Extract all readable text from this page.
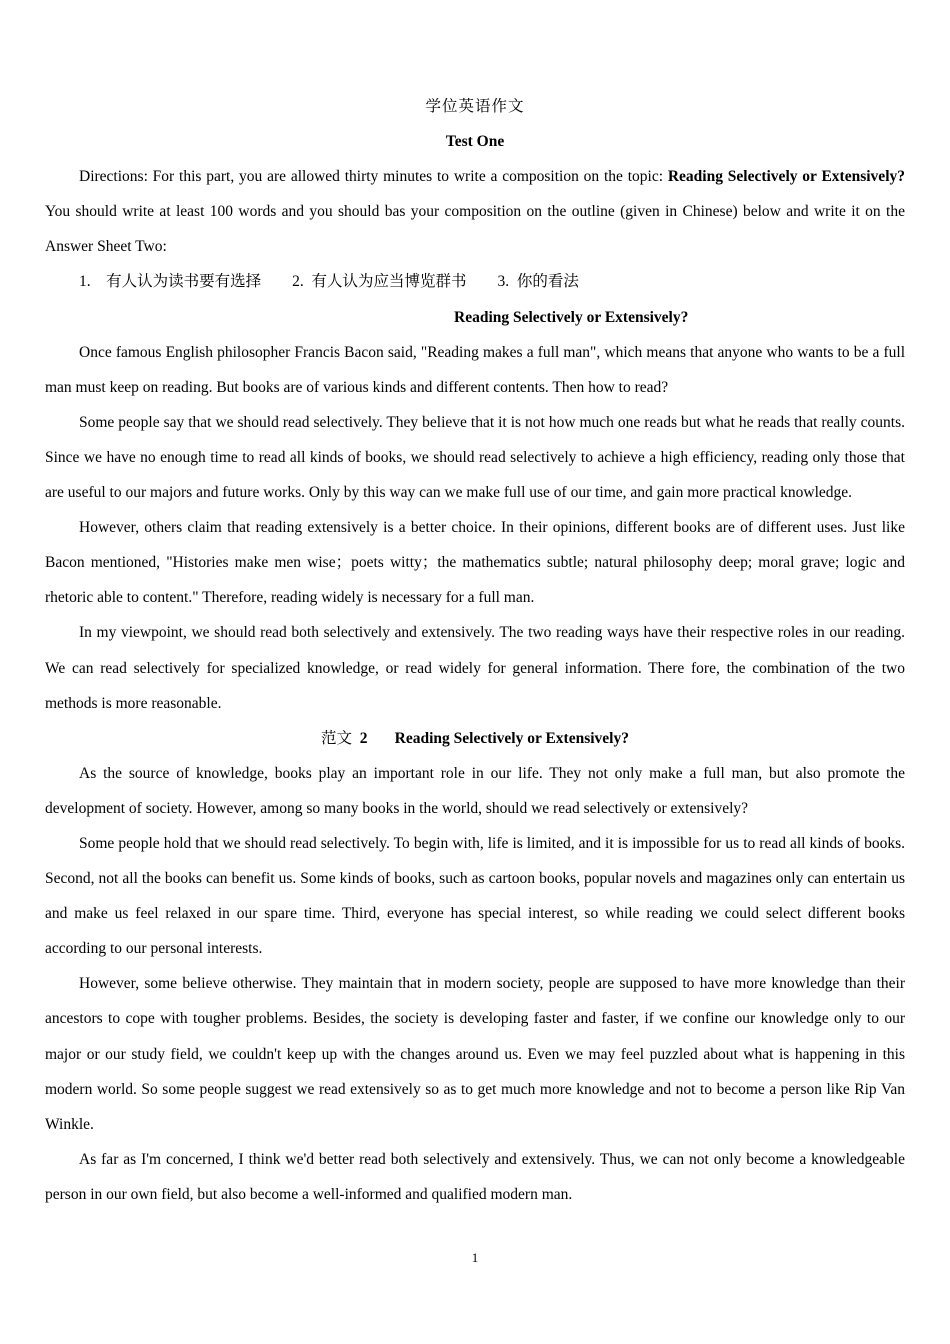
学位英语作文

Test One

Directions: For this part, you are allowed thirty minutes to write a composition on the topic: Reading Selectively or Extensively? You should write at least 100 words and you should bas your composition on the outline (given in Chinese) below and write it on the Answer Sheet Two:

1.    有人认为读书要有选择 2.  有人认为应当博览群书 3.  你的看法

Reading Selectively or Extensively?

Once famous English philosopher Francis Bacon said, "Reading makes a full man", which means that anyone who wants to be a full man must keep on reading. But books are of various kinds and different contents. Then how to read?

Some people say that we should read selectively. They believe that it is not how much one reads but what he reads that really counts. Since we have no enough time to read all kinds of books, we should read selectively to achieve a high efficiency, reading only those that are useful to our majors and future works. Only by this way can we make full use of our time, and gain more practical knowledge.

However, others claim that reading extensively is a better choice. In their opinions, different books are of different uses. Just like Bacon mentioned, "Histories make men wise；poets witty；the mathematics subtle; natural philosophy deep; moral grave; logic and rhetoric able to content." Therefore, reading widely is necessary for a full man.

In my viewpoint, we should read both selectively and extensively. The two reading ways have their respective roles in our reading. We can read selectively for specialized knowledge, or read widely for general information. There fore, the combination of the two methods is more reasonable.

范文 2 Reading Selectively or Extensively?

As the source of knowledge, books play an important role in our life. They not only make a full man, but also promote the development of society. However, among so many books in the world, should we read selectively or extensively?

Some people hold that we should read selectively. To begin with, life is limited, and it is impossible for us to read all kinds of books. Second, not all the books can benefit us. Some kinds of books, such as cartoon books, popular novels and magazines only can entertain us and make us feel relaxed in our spare time. Third, everyone has special interest, so while reading we could select different books according to our personal interests.

However, some believe otherwise. They maintain that in modern society, people are supposed to have more knowledge than their ancestors to cope with tougher problems. Besides, the society is developing faster and faster, if we confine our knowledge only to our major or our study field, we couldn't keep up with the changes around us. Even we may feel puzzled about what is happening in this modern world. So some people suggest we read extensively so as to get much more knowledge and not to become a person like Rip Van Winkle.

As far as I'm concerned, I think we'd better read both selectively and extensively. Thus, we can not only become a knowledgeable person in our own field, but also become a well-informed and qualified modern man.

1
